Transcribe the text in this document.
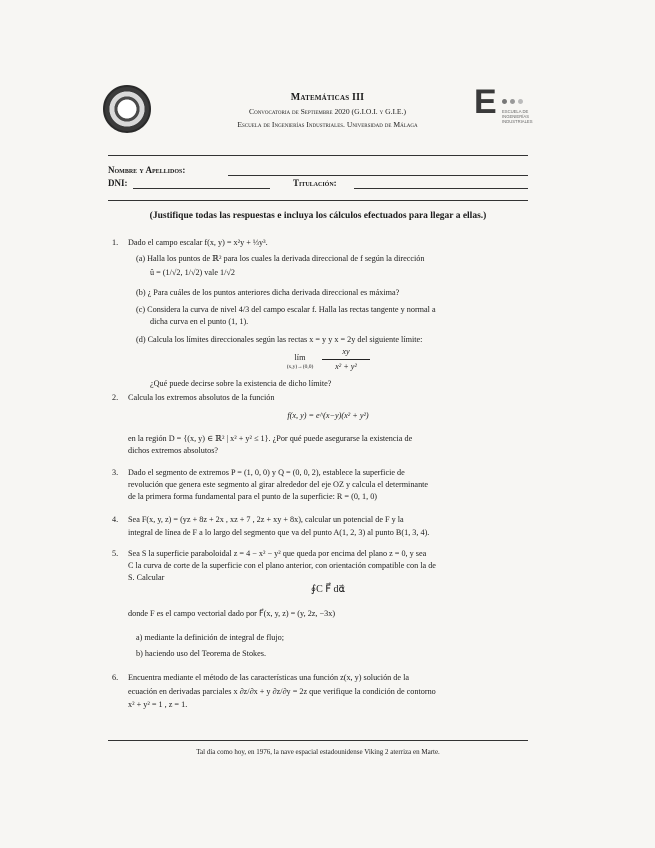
Matemáticas III
Convocatoria de Septiembre 2020 (G.I.O.I. y G.I.E.)
Escuela de Ingenierías Industriales. Universidad de Málaga
E ESCUELA DE
INGENIERÍAS
INDUSTRIALES
Nombre y Apellidos:
DNI:	Titulación:
(Justifique todas las respuestas e incluya los cálculos efectuados para llegar a ellas.)
1. Dado el campo escalar f(x, y) = x²y + ⅓y³.
(a) Halla los puntos de ℝ² para los cuales la derivada direccional de f según la dirección
û = (1/√2, 1/√2) vale 1/√2
(b) ¿ Para cuáles de los puntos anteriores dicha derivada direccional es máxima?
(c) Considera la curva de nivel 4/3 del campo escalar f. Halla las rectas tangente y normal a
dicha curva en el punto (1, 1).
(d) Calcula los límites direccionales según las rectas x = y y x = 2y del siguiente límite:
lím
(x,y)→(0,0)
xy
x² + y²
¿Qué puede decirse sobre la existencia de dicho límite?
2. Calcula los extremos absolutos de la función
f(x, y) = e^(x−y)(x² + y²)
en la región D = {(x, y) ∈ ℝ² | x² + y² ≤ 1}. ¿Por qué puede asegurarse la existencia de
dichos extremos absolutos?
3. Dado el segmento de extremos P = (1, 0, 0) y Q = (0, 0, 2), establece la superficie de
revolución que genera este segmento al girar alrededor del eje OZ y calcula el determinante
de la primera forma fundamental para el punto de la superficie: R = (0, 1, 0)
4. Sea F(x, y, z) = (yz + 8z + 2x , xz + 7 , 2z + xy + 8x), calcular un potencial de F y la
integral de línea de F a lo largo del segmento que va del punto A(1, 2, 3) al punto B(1, 3, 4).
5. Sea S la superficie paraboloidal z = 4 − x² − y² que queda por encima del plano z = 0, y sea
C la curva de corte de la superficie con el plano anterior, con orientación compatible con la de
S. Calcular
∮C F⃗ dα⃗
donde F es el campo vectorial dado por F⃗(x, y, z) = (y, 2z, −3x)
a) mediante la definición de integral de flujo;
b) haciendo uso del Teorema de Stokes.
6. Encuentra mediante el método de las características una función z(x, y) solución de la
ecuación en derivadas parciales x ∂z/∂x + y ∂z/∂y = 2z que verifique la condición de contorno
x² + y² = 1 , z = 1.
Tal día como hoy, en 1976, la nave espacial estadounidense Viking 2 aterriza en Marte.
